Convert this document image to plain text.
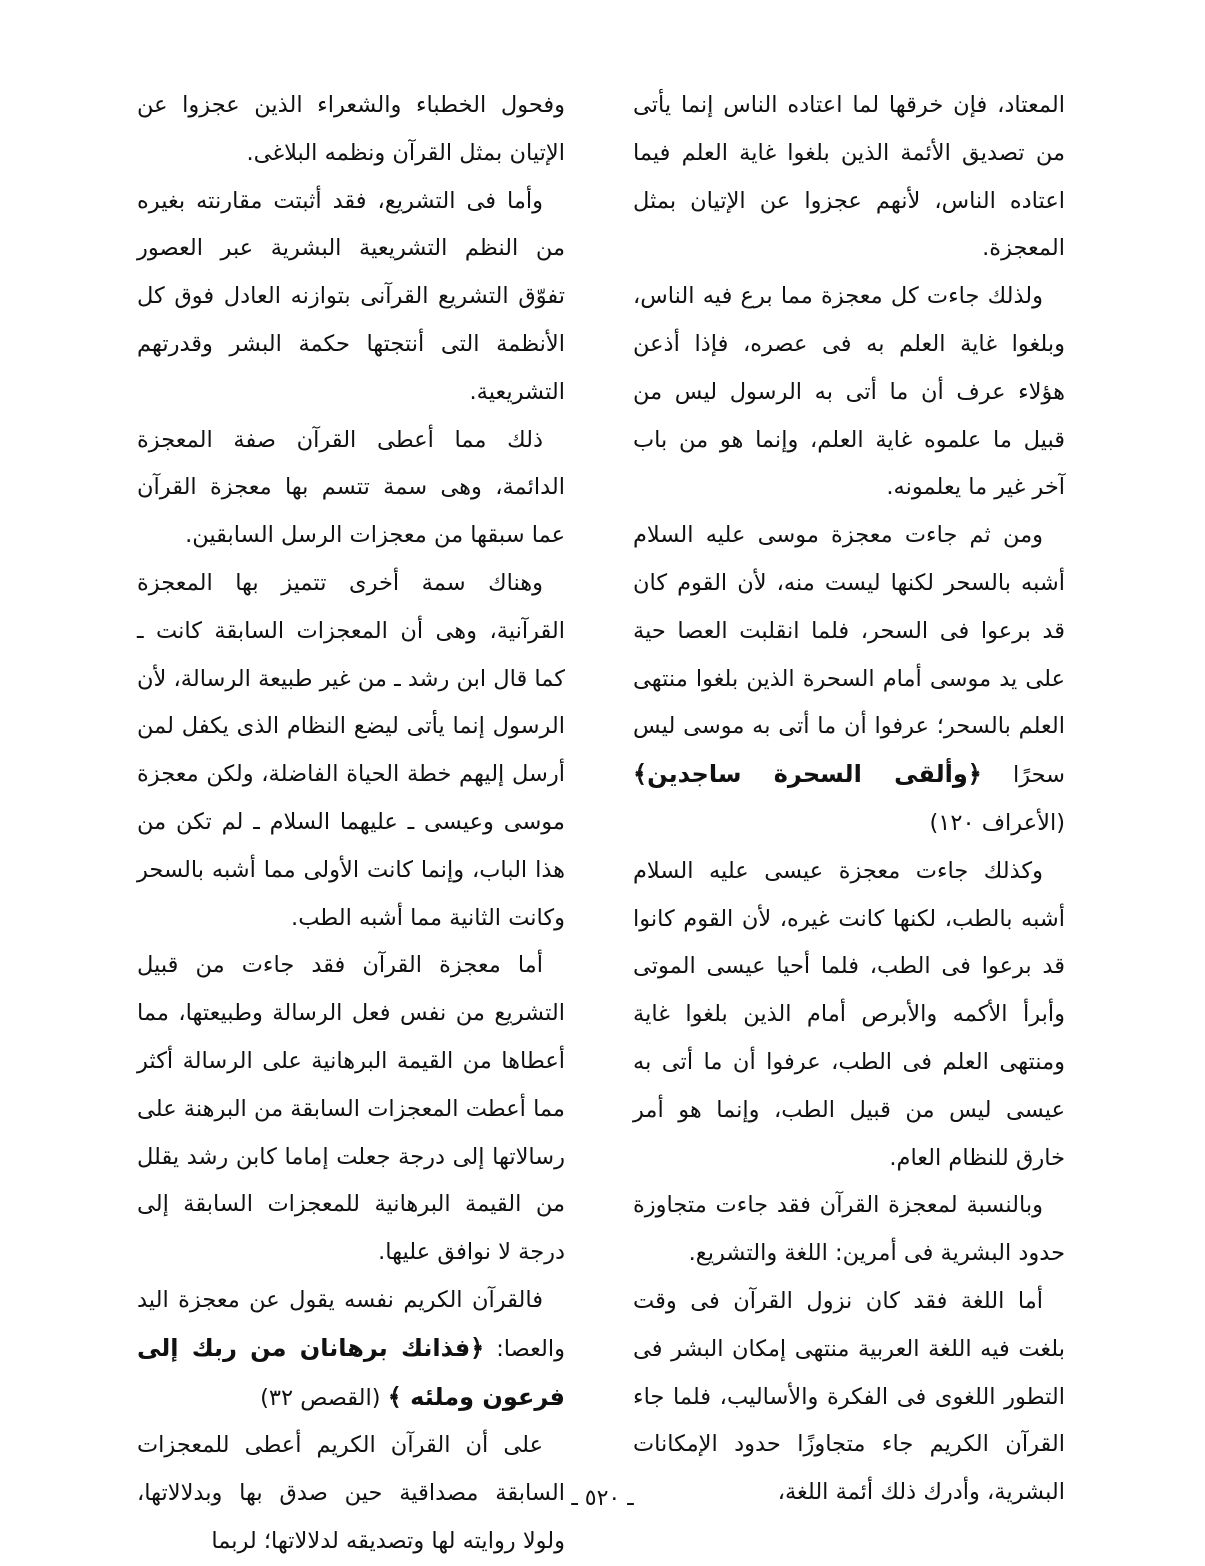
المعتاد، فإن خرقها لما اعتاده الناس إنما يأتى من تصديق الأئمة الذين بلغوا غاية العلم فيما اعتاده الناس، لأنهم عجزوا عن الإتيان بمثل المعجزة.

ولذلك جاءت كل معجزة مما برع فيه الناس، وبلغوا غاية العلم به فى عصره، فإذا أذعن هؤلاء عرف أن ما أتى به الرسول ليس من قبيل ما علموه غاية العلم، وإنما هو من باب آخر غير ما يعلمونه.

ومن ثم جاءت معجزة موسى عليه السلام أشبه بالسحر لكنها ليست منه، لأن القوم كان قد برعوا فى السحر، فلما انقلبت العصا حية على يد موسى أمام السحرة الذين بلغوا منتهى العلم بالسحر؛ عرفوا أن ما أتى به موسى ليس سحرًا ﴿وألقى السحرة ساجدين﴾ (الأعراف ١٢٠)

وكذلك جاءت معجزة عيسى عليه السلام أشبه بالطب، لكنها كانت غيره، لأن القوم كانوا قد برعوا فى الطب، فلما أحيا عيسى الموتى وأبرأ الأكمه والأبرص أمام الذين بلغوا غاية ومنتهى العلم فى الطب، عرفوا أن ما أتى به عيسى ليس من قبيل الطب، وإنما هو أمر خارق للنظام العام.

وبالنسبة لمعجزة القرآن فقد جاءت متجاوزة حدود البشرية فى أمرين: اللغة والتشريع.

أما اللغة فقد كان نزول القرآن فى وقت بلغت فيه اللغة العربية منتهى إمكان البشر فى التطور اللغوى فى الفكرة والأساليب، فلما جاء القرآن الكريم جاء متجاوزًا حدود الإمكانات البشرية، وأدرك ذلك أئمة اللغة،

وفحول الخطباء والشعراء الذين عجزوا عن الإتيان بمثل القرآن ونظمه البلاغى.

وأما فى التشريع، فقد أثبتت مقارنته بغيره من النظم التشريعية البشرية عبر العصور تفوّق التشريع القرآنى بتوازنه العادل فوق كل الأنظمة التى أنتجتها حكمة البشر وقدرتهم التشريعية.

ذلك مما أعطى القرآن صفة المعجزة الدائمة، وهى سمة تتسم بها معجزة القرآن عما سبقها من معجزات الرسل السابقين.

وهناك سمة أخرى تتميز بها المعجزة القرآنية، وهى أن المعجزات السابقة كانت ـ كما قال ابن رشد ـ من غير طبيعة الرسالة، لأن الرسول إنما يأتى ليضع النظام الذى يكفل لمن أرسل إليهم خطة الحياة الفاضلة، ولكن معجزة موسى وعيسى ـ عليهما السلام ـ لم تكن من هذا الباب، وإنما كانت الأولى مما أشبه بالسحر وكانت الثانية مما أشبه الطب.

أما معجزة القرآن فقد جاءت من قبيل التشريع من نفس فعل الرسالة وطبيعتها، مما أعطاها من القيمة البرهانية على الرسالة أكثر مما أعطت المعجزات السابقة من البرهنة على رسالاتها إلى درجة جعلت إماما كابن رشد يقلل من القيمة البرهانية للمعجزات السابقة إلى درجة لا نوافق عليها.

فالقرآن الكريم نفسه يقول عن معجزة اليد والعصا: ﴿فذانك برهانان من ربك إلى فرعون وملئه ﴾ (القصص ٣٢)

على أن القرآن الكريم أعطى للمعجزات السابقة مصداقية حين صدق بها وبدلالاتها، ولولا روايته لها وتصديقه لدلالاتها؛ لربما

ـ ٥٢٠ ـ
